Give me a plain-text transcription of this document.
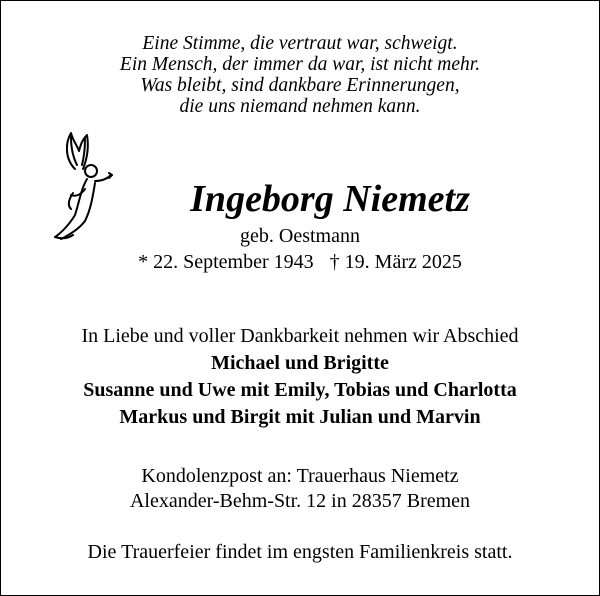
Eine Stimme, die vertraut war, schweigt.
Ein Mensch, der immer da war, ist nicht mehr.
Was bleibt, sind dankbare Erinnerungen,
die uns niemand nehmen kann.
Ingeborg Niemetz
geb. Oestmann
* 22. September 1943 † 19. März 2025
In Liebe und voller Dankbarkeit nehmen wir Abschied
Michael und Brigitte
Susanne und Uwe mit Emily, Tobias und Charlotta
Markus und Birgit mit Julian und Marvin
Kondolenzpost an: Trauerhaus Niemetz
Alexander-Behm-Str. 12 in 28357 Bremen
Die Trauerfeier findet im engsten Familienkreis statt.
